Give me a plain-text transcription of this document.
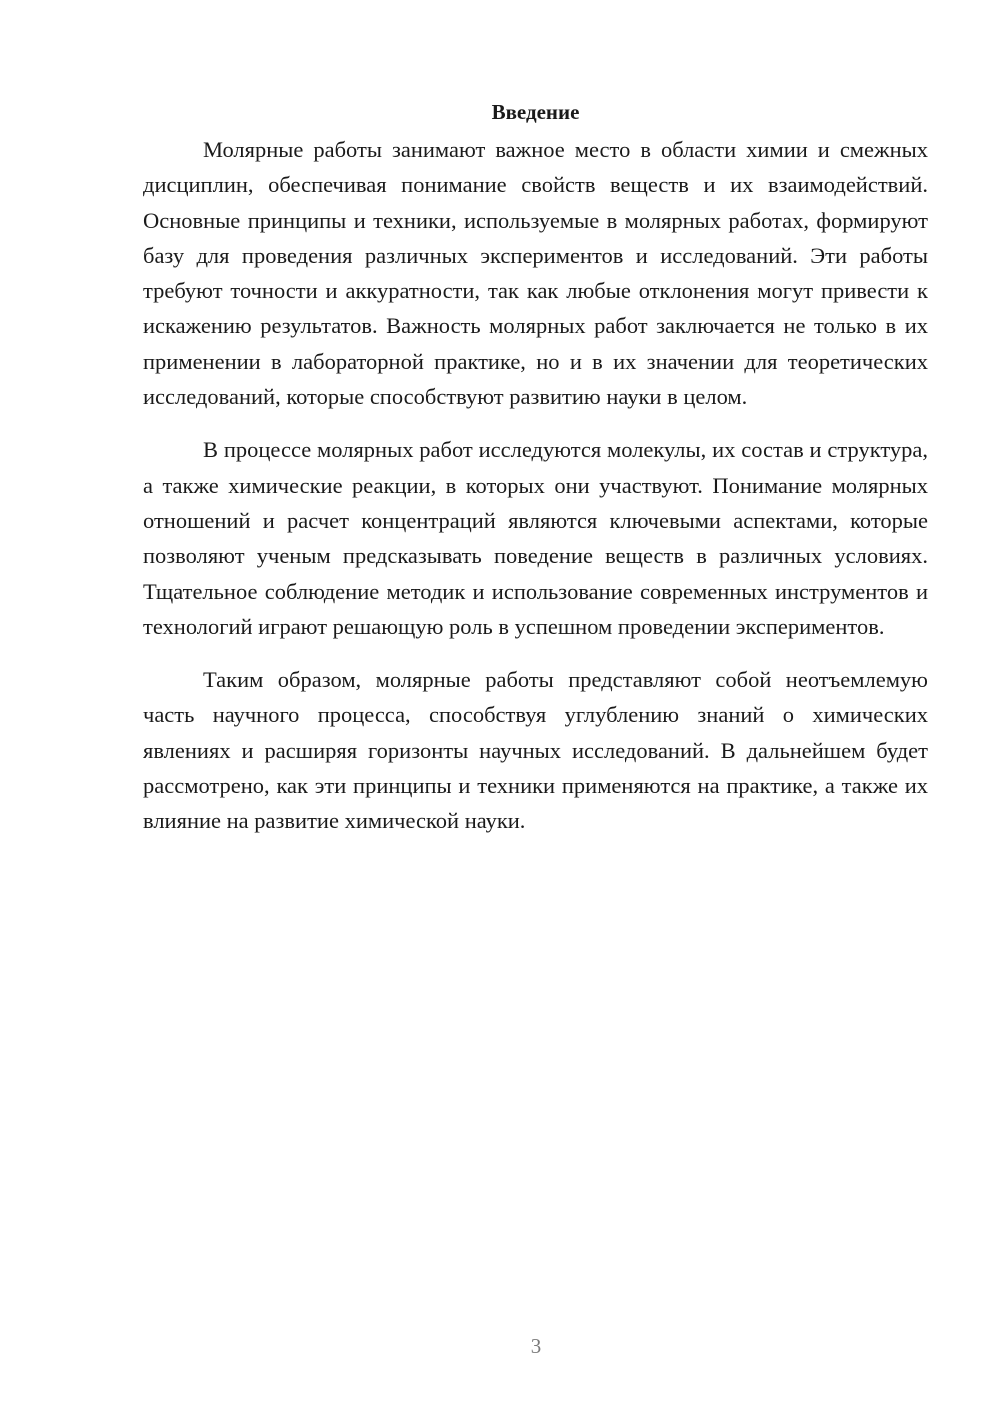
Введение

Молярные работы занимают важное место в области химии и смежных дисциплин, обеспечивая понимание свойств веществ и их взаимодействий. Основные принципы и техники, используемые в молярных работах, формируют базу для проведения различных экспериментов и исследований. Эти работы требуют точности и аккуратности, так как любые отклонения могут привести к искажению результатов. Важность молярных работ заключается не только в их применении в лабораторной практике, но и в их значении для теоретических исследований, которые способствуют развитию науки в целом.

В процессе молярных работ исследуются молекулы, их состав и структура, а также химические реакции, в которых они участвуют. Понимание молярных отношений и расчет концентраций являются ключевыми аспектами, которые позволяют ученым предсказывать поведение веществ в различных условиях. Тщательное соблюдение методик и использование современных инструментов и технологий играют решающую роль в успешном проведении экспериментов.

Таким образом, молярные работы представляют собой неотъемлемую часть научного процесса, способствуя углублению знаний о химических явлениях и расширяя горизонты научных исследований. В дальнейшем будет рассмотрено, как эти принципы и техники применяются на практике, а также их влияние на развитие химической науки.

3
